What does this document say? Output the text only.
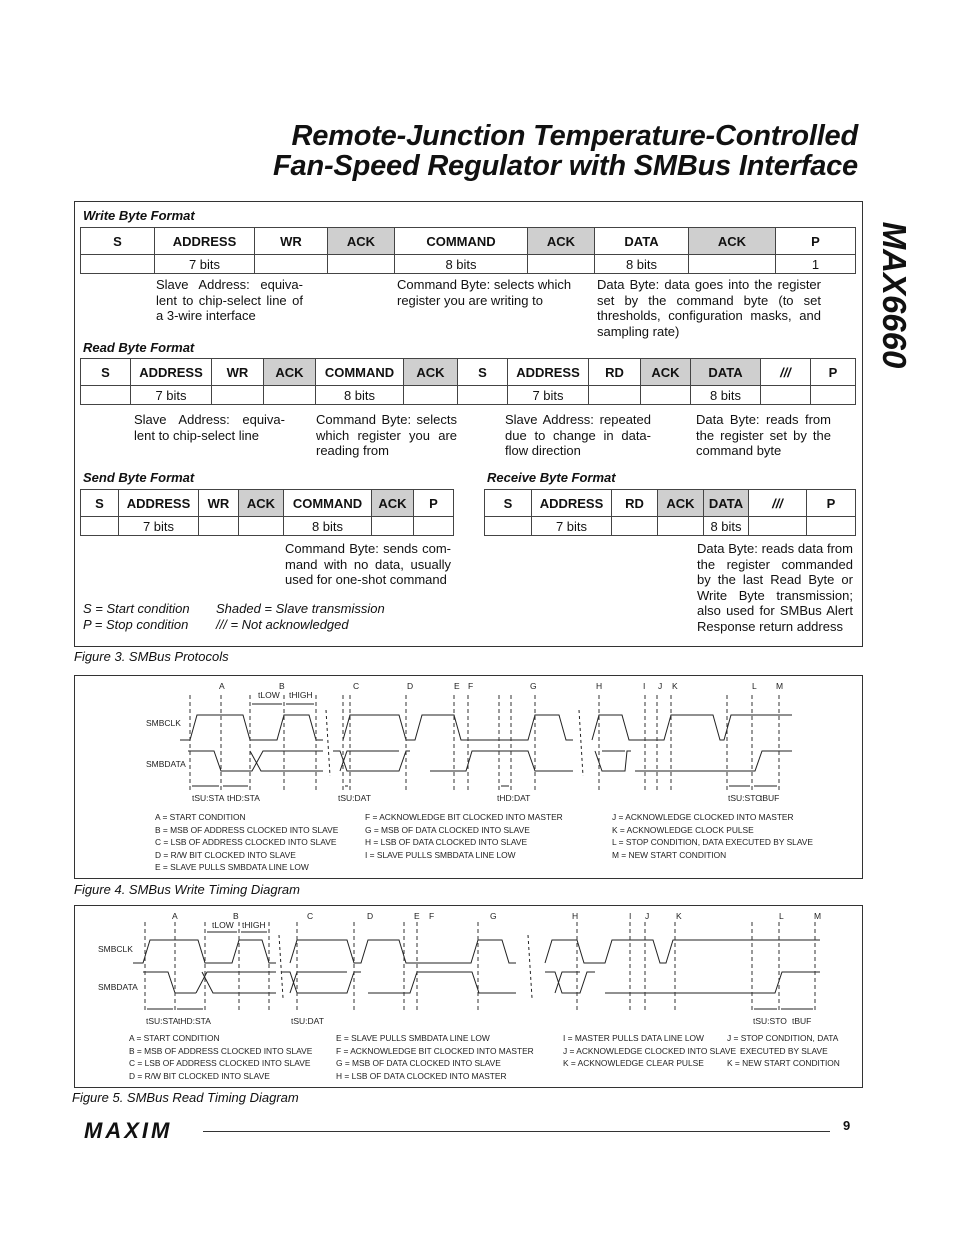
Remote-Junction Temperature-Controlled
Fan-Speed Regulator with SMBus Interface
MAX6660
Write Byte Format
S	ADDRESS	WR	ACK	COMMAND	ACK	DATA	ACK	P
	7 bits			8 bits		8 bits		1
Slave Address: equiva-lent to chip-select line of a 3-wire interface
Command Byte: selects which register you are writing to
Data Byte: data goes into the register set by the command byte (to set thresholds, configuration masks, and sampling rate)
Read Byte Format
S	ADDRESS	WR	ACK	COMMAND	ACK	S	ADDRESS	RD	ACK	DATA	///	P
	7 bits			8 bits			7 bits			8 bits		
Slave Address: equiva-lent to chip-select line
Command Byte: selects which register you are reading from
Slave Address: repeated due to change in data-flow direction
Data Byte: reads from the register set by the command byte
Send Byte Format
S	ADDRESS	WR	ACK	COMMAND	ACK	P
	7 bits			8 bits		
Command Byte: sends com-mand with no data, usually used for one-shot command
Receive Byte Format
S	ADDRESS	RD	ACK	DATA	///	P
	7 bits			8 bits		
Data Byte: reads data from the register commanded by the last Read Byte or Write Byte transmission; also used for SMBus Alert Response return address
S = Start condition
P = Stop condition
Shaded = Slave transmission
/// = Not acknowledged
Figure 3. SMBus Protocols
SMBCLK
SMBDATA
A	B	C	D	E F	G	H	I J K	L M
tLOW tHIGH
tSU:STA tHD:STA	tSU:DAT	tHD:DAT	tSU:STO
tBUF
A = START CONDITION
B = MSB OF ADDRESS CLOCKED INTO SLAVE
C = LSB OF ADDRESS CLOCKED INTO SLAVE
D = R/W BIT CLOCKED INTO SLAVE
E = SLAVE PULLS SMBDATA LINE LOW
F = ACKNOWLEDGE BIT CLOCKED INTO MASTER
G = MSB OF DATA CLOCKED INTO SLAVE
H = LSB OF DATA CLOCKED INTO SLAVE
I = SLAVE PULLS SMBDATA LINE LOW
J = ACKNOWLEDGE CLOCKED INTO MASTER
K = ACKNOWLEDGE CLOCK PULSE
L = STOP CONDITION, DATA EXECUTED BY SLAVE
M = NEW START CONDITION
Figure 4. SMBus Write Timing Diagram
SMBCLK
SMBDATA
A	B	C	D	E F	G	H	I J	K	L	M
tLOW tHIGH
tSU:STA tHD:STA	tSU:DAT	tSU:STO tBUF
A = START CONDITION
B = MSB OF ADDRESS CLOCKED INTO SLAVE
C = LSB OF ADDRESS CLOCKED INTO SLAVE
D = R/W BIT CLOCKED INTO SLAVE
E = SLAVE PULLS SMBDATA LINE LOW
F = ACKNOWLEDGE BIT CLOCKED INTO MASTER
G = MSB OF DATA CLOCKED INTO SLAVE
H = LSB OF DATA CLOCKED INTO MASTER
I = MASTER PULLS DATA LINE LOW
J = ACKNOWLEDGE CLOCKED INTO SLAVE
K = ACKNOWLEDGE CLEAR PULSE
J = STOP CONDITION, DATA
EXECUTED BY SLAVE
K = NEW START CONDITION
Figure 5. SMBus Read Timing Diagram
MAXIM	9
